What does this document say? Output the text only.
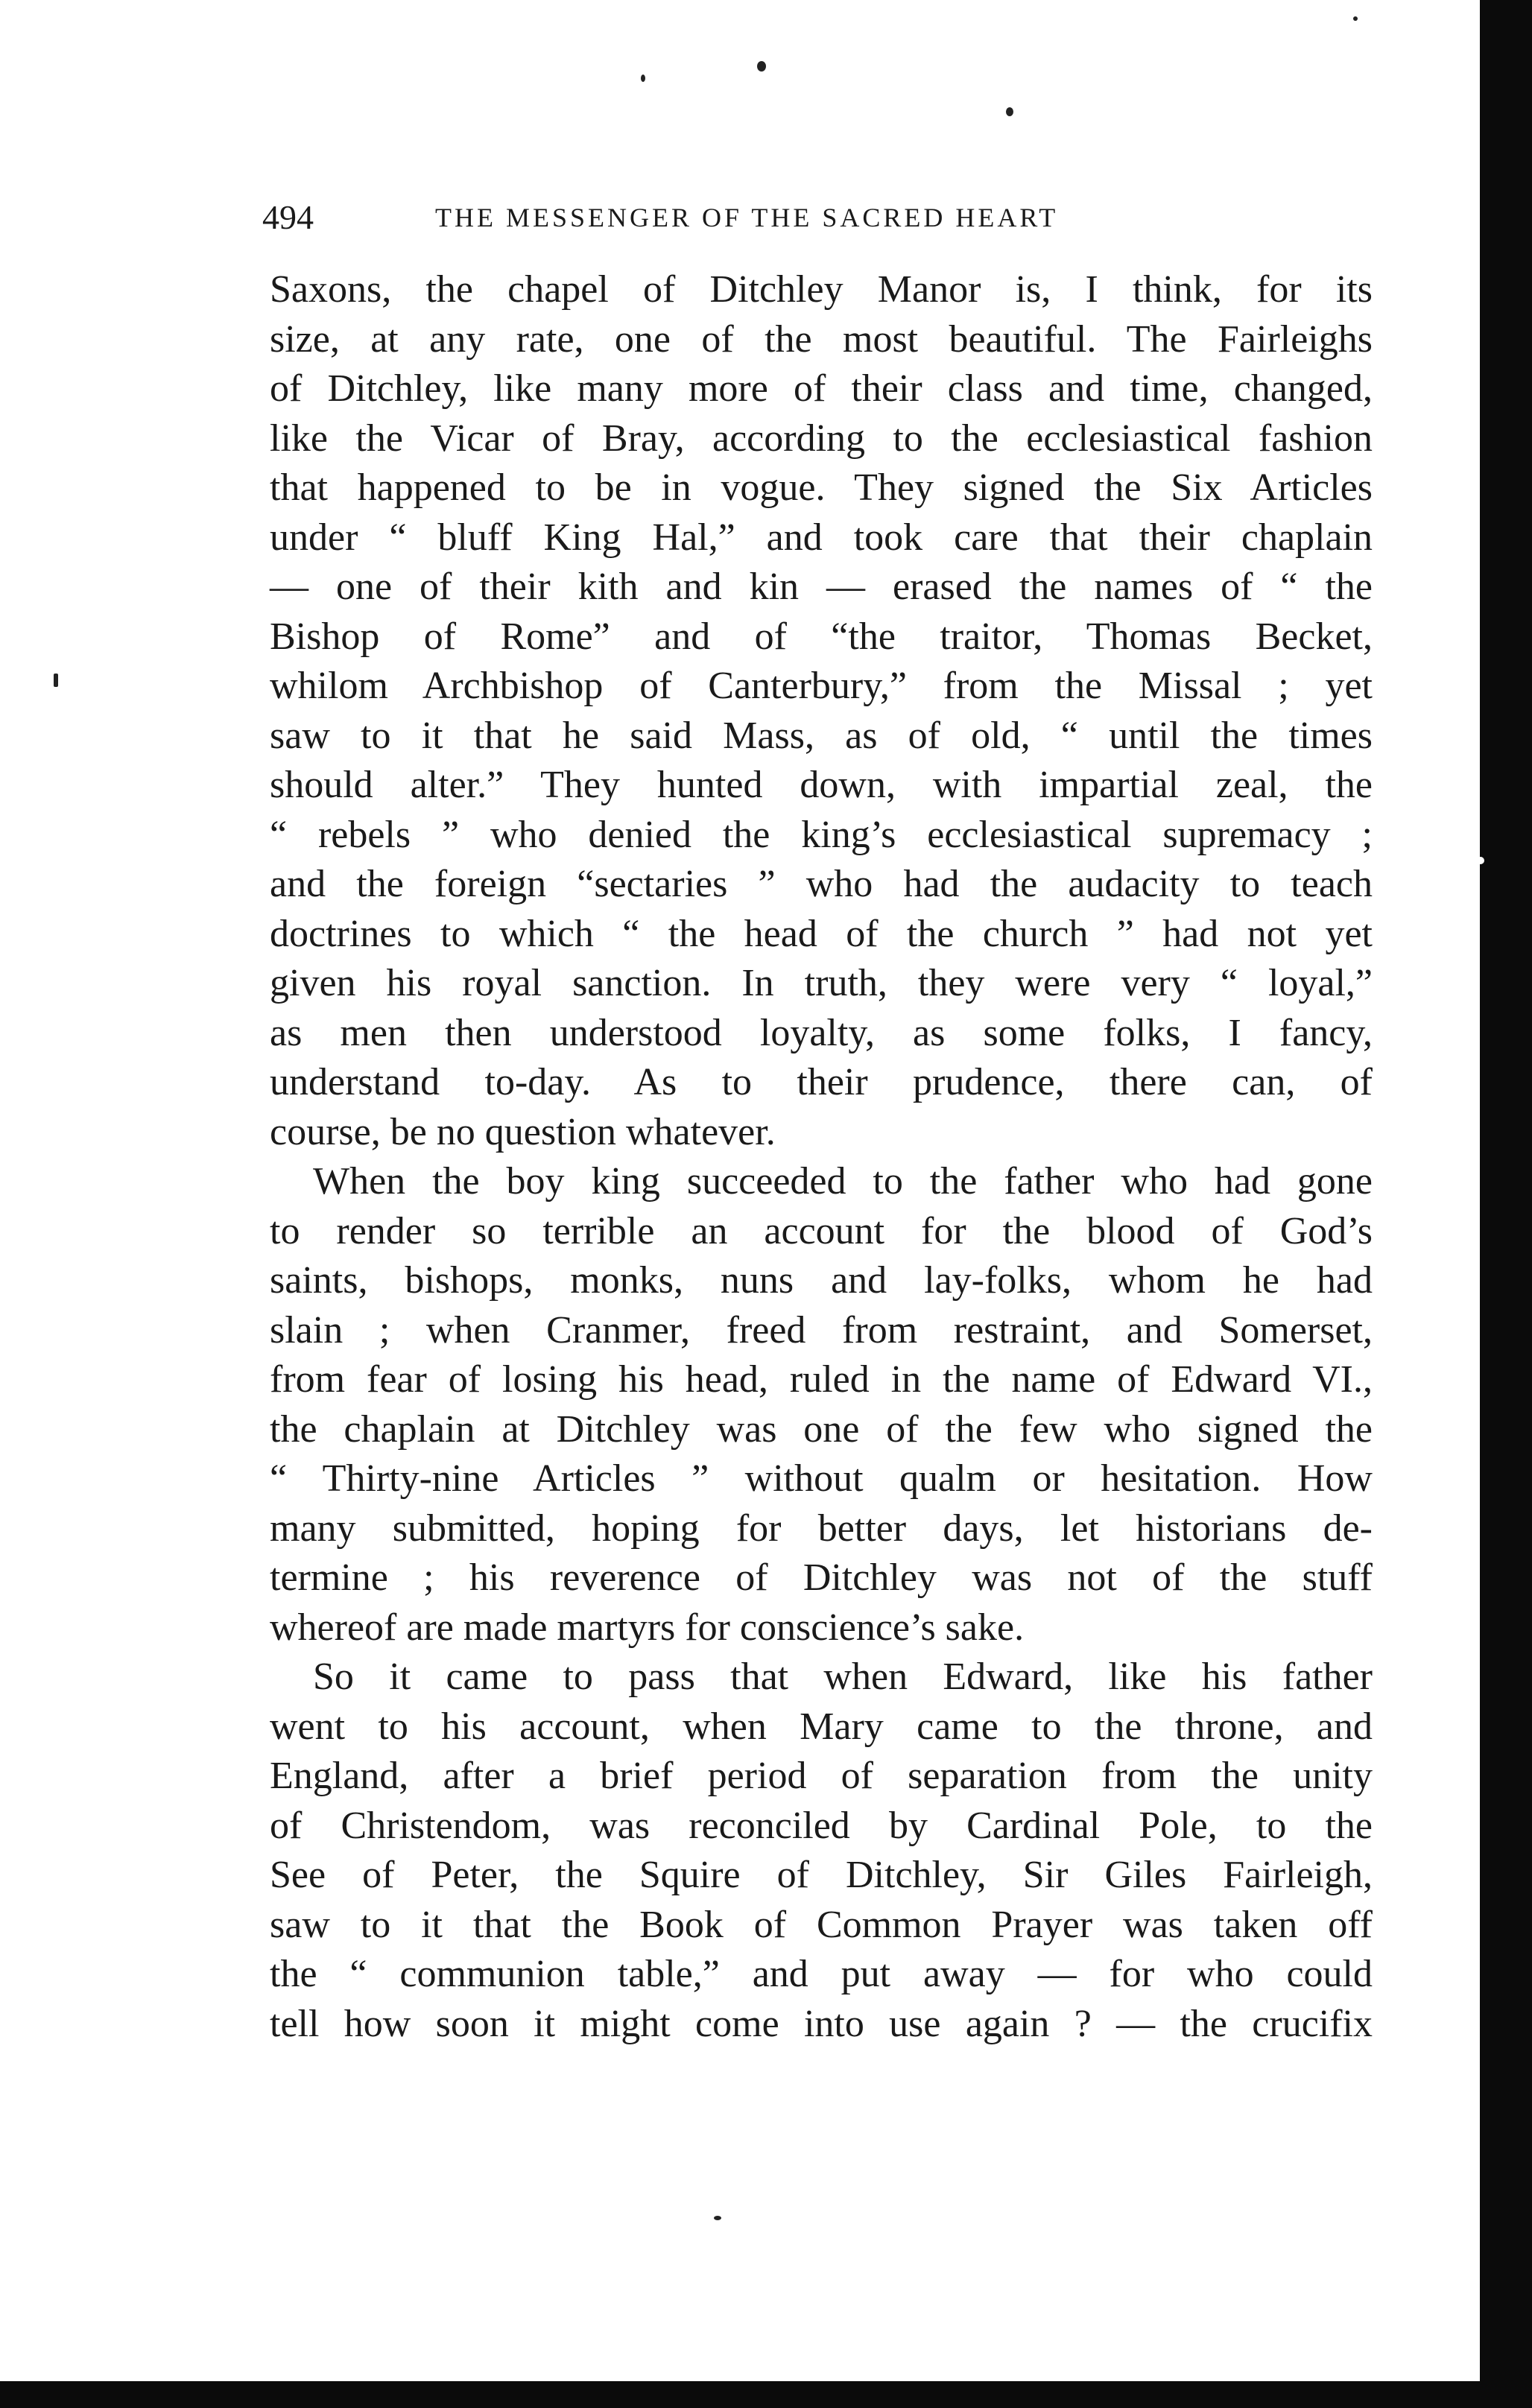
494	THE MESSENGER OF THE SACRED HEART
Saxons, the chapel of Ditchley Manor is, I think, for its
size, at any rate, one of the most beautiful. The Fairleighs
of Ditchley, like many more of their class and time, changed,
like the Vicar of Bray, according to the ecclesiastical fashion
that happened to be in vogue. They signed the Six Articles
under “ bluff King Hal,” and took care that their chaplain
— one of their kith and kin — erased the names of “ the
Bishop of Rome” and of “the traitor, Thomas Becket,
whilom Archbishop of Canterbury,” from the Missal ; yet
saw to it that he said Mass, as of old, “ until the times
should alter.” They hunted down, with impartial zeal, the
“ rebels ” who denied the king’s ecclesiastical supremacy ;
and the foreign “sectaries ” who had the audacity to teach
doctrines to which “ the head of the church ” had not yet
given his royal sanction. In truth, they were very “ loyal,”
as men then understood loyalty, as some folks, I fancy,
understand to-day. As to their prudence, there can, of
course, be no question whatever.
When the boy king succeeded to the father who had gone
to render so terrible an account for the blood of God’s
saints, bishops, monks, nuns and lay-folks, whom he had
slain ; when Cranmer, freed from restraint, and Somerset,
from fear of losing his head, ruled in the name of Edward VI.,
the chaplain at Ditchley was one of the few who signed the
“ Thirty-nine Articles ” without qualm or hesitation. How
many submitted, hoping for better days, let historians de-
termine ; his reverence of Ditchley was not of the stuff
whereof are made martyrs for conscience’s sake.
So it came to pass that when Edward, like his father
went to his account, when Mary came to the throne, and
England, after a brief period of separation from the unity
of Christendom, was reconciled by Cardinal Pole, to the
See of Peter, the Squire of Ditchley, Sir Giles Fairleigh,
saw to it that the Book of Common Prayer was taken off
the “ communion table,” and put away — for who could
tell how soon it might come into use again ? — the crucifix
